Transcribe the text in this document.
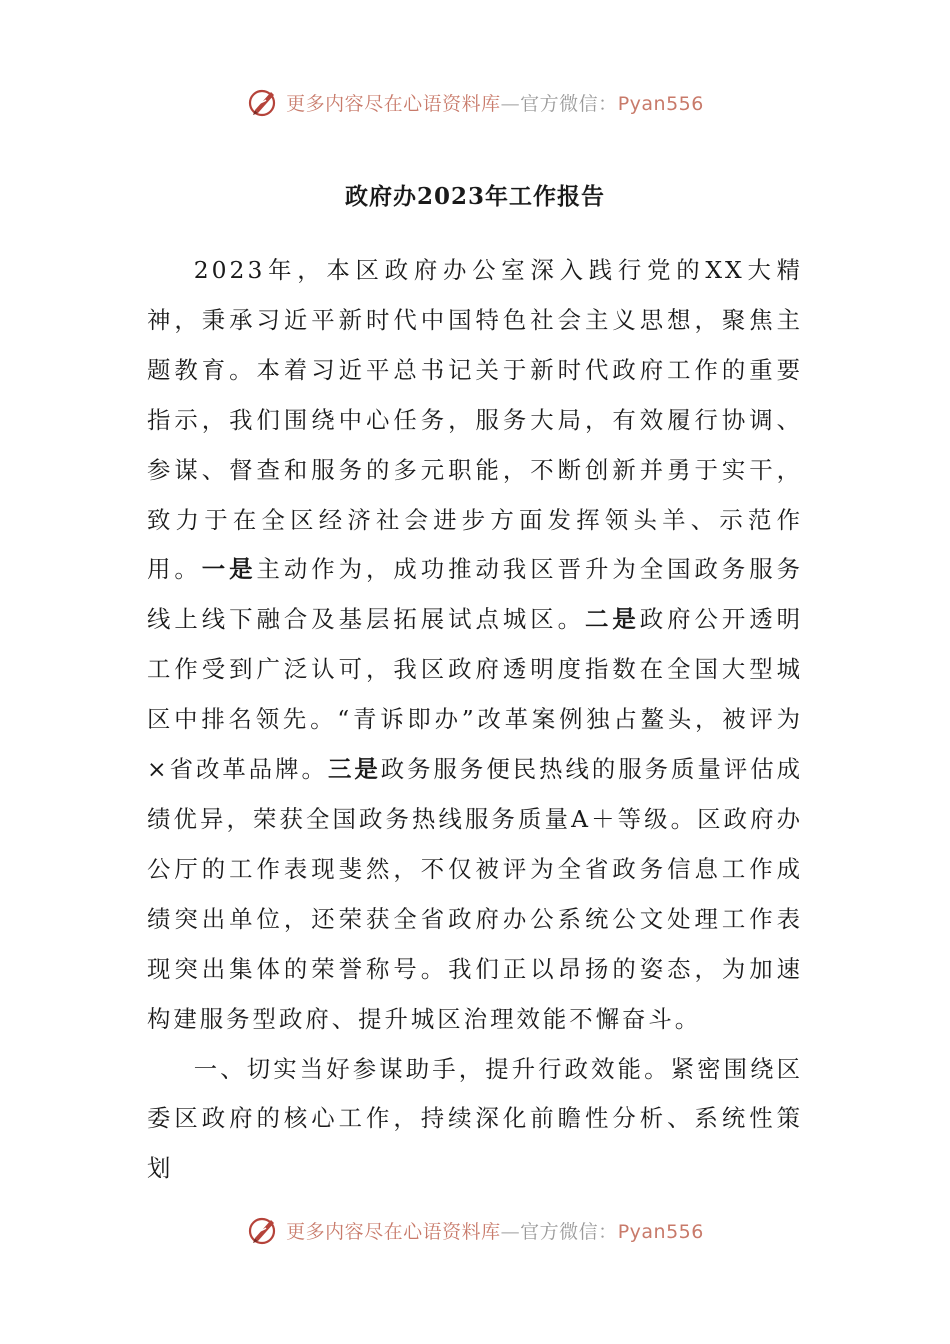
更多内容尽在心语资料库—官方微信：Pyan556
政府办2023年工作报告

2023年，本区政府办公室深入践行党的XX大精神，秉承习近平新时代中国特色社会主义思想，聚焦主题教育。本着习近平总书记关于新时代政府工作的重要指示，我们围绕中心任务，服务大局，有效履行协调、参谋、督查和服务的多元职能，不断创新并勇于实干，致力于在全区经济社会进步方面发挥领头羊、示范作用。一是主动作为，成功推动我区晋升为全国政务服务线上线下融合及基层拓展试点城区。二是政府公开透明工作受到广泛认可，我区政府透明度指数在全国大型城区中排名领先。“青诉即办”改革案例独占鳌头，被评为×省改革品牌。三是政务服务便民热线的服务质量评估成绩优异，荣获全国政务热线服务质量A＋等级。区政府办公厅的工作表现斐然，不仅被评为全省政务信息工作成绩突出单位，还荣获全省政府办公系统公文处理工作表现突出集体的荣誉称号。我们正以昂扬的姿态，为加速构建服务型政府、提升城区治理效能不懈奋斗。

一、切实当好参谋助手，提升行政效能。紧密围绕区委区政府的核心工作，持续深化前瞻性分析、系统性策划

更多内容尽在心语资料库—官方微信：Pyan556
